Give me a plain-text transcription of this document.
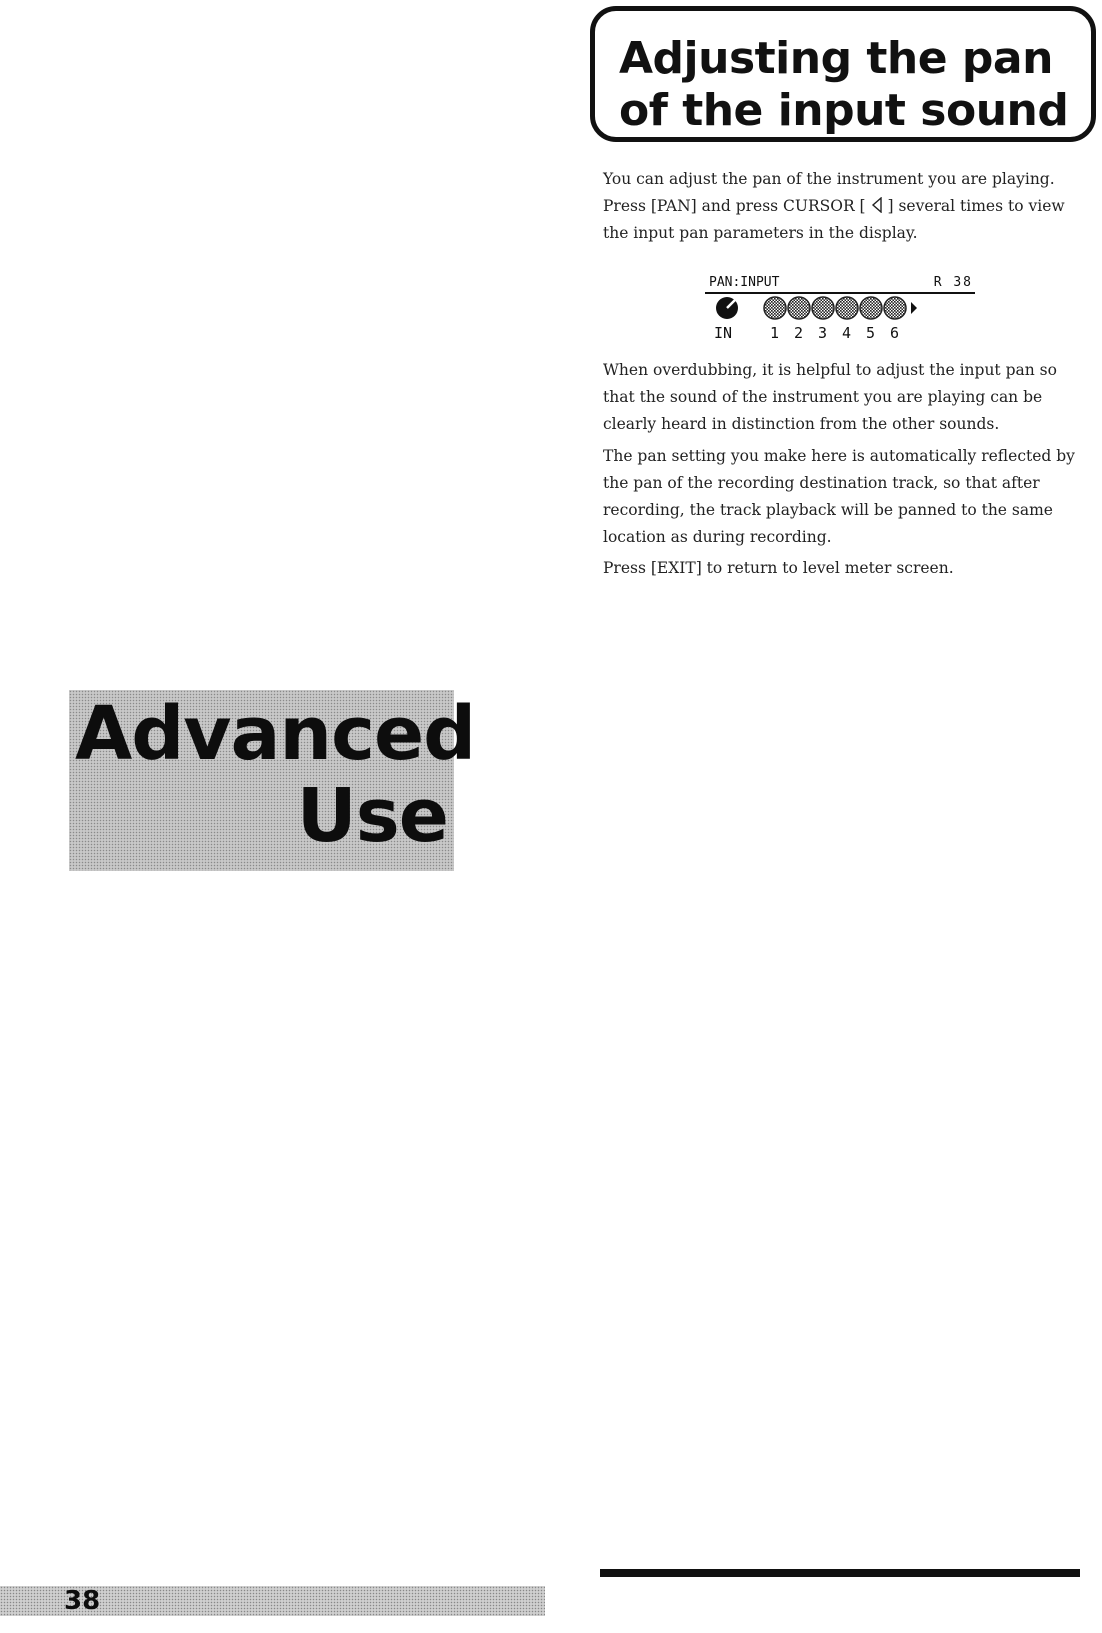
Adjusting the pan
of the input sound

You can adjust the pan of the instrument you are playing.
Press [PAN] and press CURSOR [ ] several times to view
the input pan parameters in the display.

PAN:INPUT	R 38
IN	1 2 3 4 5 6

When overdubbing, it is helpful to adjust the input pan so
that the sound of the instrument you are playing can be
clearly heard in distinction from the other sounds.

The pan setting you make here is automatically reflected by
the pan of the recording destination track, so that after
recording, the track playback will be panned to the same
location as during recording.

Press [EXIT] to return to level meter screen.

Advanced
Use
38
